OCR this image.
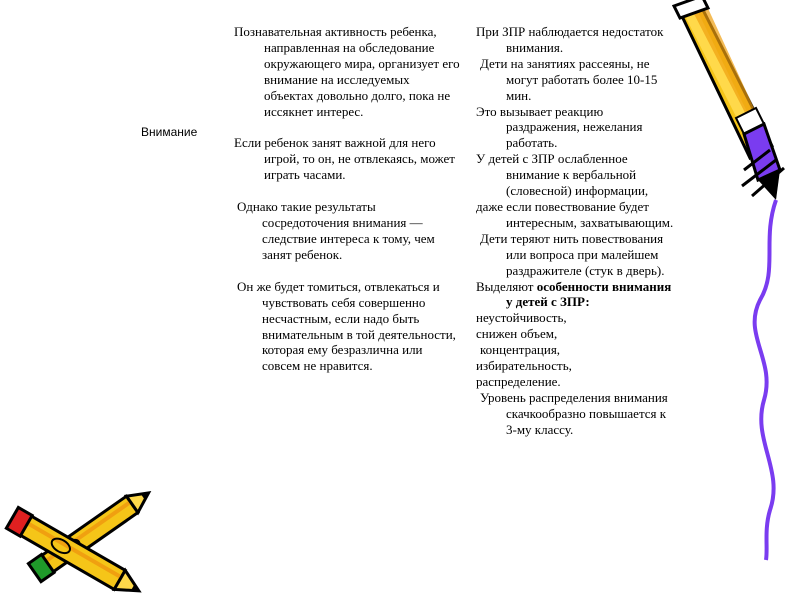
Внимание

Познавательная активность ребенка, направленная на обследование окружающего мира, организует его внимание на исследуемых объектах довольно долго, пока не иссякнет интерес.

Если ребенок занят важной для него игрой, то он, не отвлекаясь, может играть часами.

Однако такие результаты сосредоточения внимания — следствие интереса к тому, чем занят ребенок.

Он же будет томиться, отвлекаться и чувствовать себя совершенно несчастным, если надо быть внимательным в той деятельности, которая ему безразлична или совсем не нравится.

При ЗПР наблюдается недостаток внимания.

Дети на занятиях рассеяны, не могут работать более 10-15 мин.

Это вызывает реакцию раздражения, нежелания работать.

У детей с ЗПР ослабленное внимание к вербальной (словесной) информации,

даже если повествование будет интересным, захватывающим.

Дети теряют нить повествования или вопроса при малейшем раздражителе (стук в дверь).

Выделяют особенности внимания у детей с ЗПР:

неустойчивость,

снижен объем,

концентрация,

избирательность,

распределение.

Уровень распределения внимания скачкообразно повышается к 3-му классу.
